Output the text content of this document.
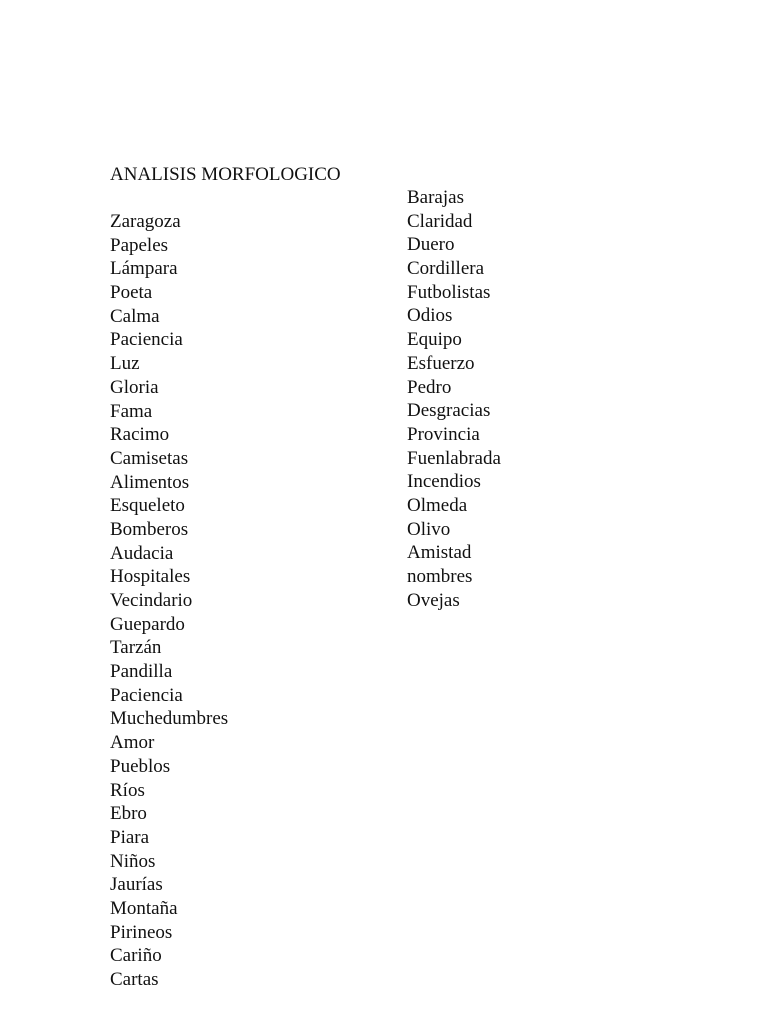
ANALISIS MORFOLOGICO
Zaragoza
Papeles
Lámpara
Poeta
Calma
Paciencia
Luz
Gloria
Fama
Racimo
Camisetas
Alimentos
Esqueleto
Bomberos
Audacia
Hospitales
Vecindario
Guepardo
Tarzán
Pandilla
Paciencia
Muchedumbres
Amor
Pueblos
Ríos
Ebro
Piara
Niños
Jaurías
Montaña
Pirineos
Cariño
Cartas
Barajas
Claridad
Duero
Cordillera
Futbolistas
Odios
Equipo
Esfuerzo
Pedro
Desgracias
Provincia
Fuenlabrada
Incendios
Olmeda
Olivo
Amistad
nombres
Ovejas
